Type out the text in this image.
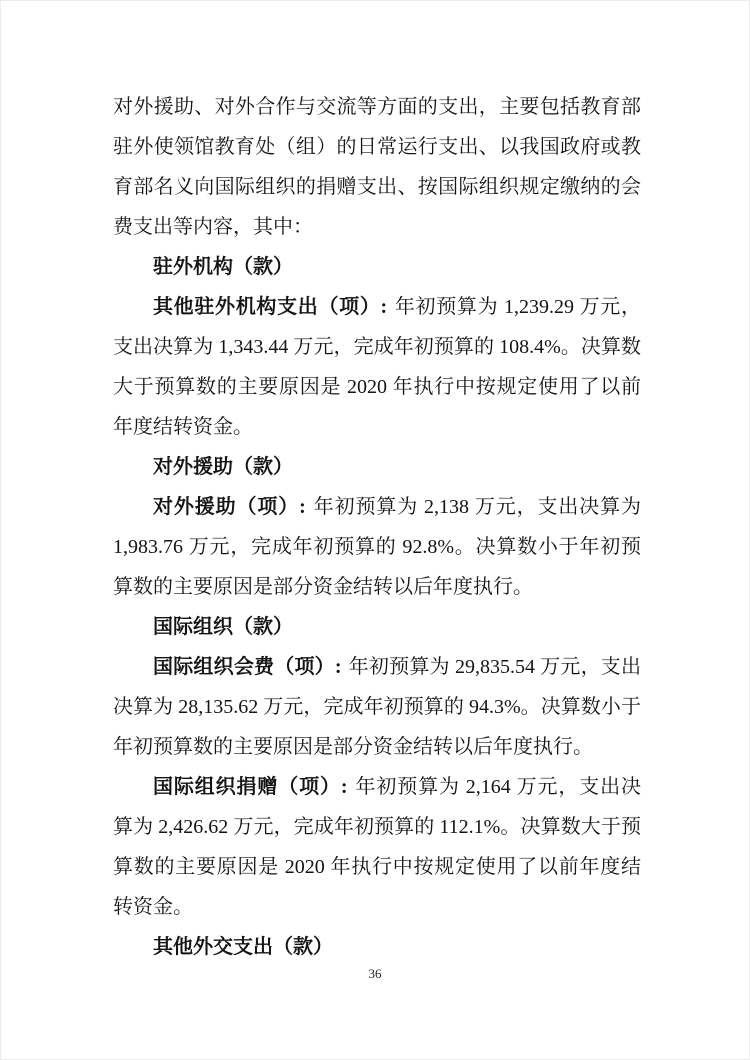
对外援助、对外合作与交流等方面的支出，主要包括教育部驻外使领馆教育处（组）的日常运行支出、以我国政府或教育部名义向国际组织的捐赠支出、按国际组织规定缴纳的会费支出等内容，其中：

驻外机构（款）

其他驻外机构支出（项）: 年初预算为 1,239.29 万元，支出决算为 1,343.44 万元，完成年初预算的 108.4%。决算数大于预算数的主要原因是 2020 年执行中按规定使用了以前年度结转资金。

对外援助（款）

对外援助（项）: 年初预算为 2,138 万元，支出决算为 1,983.76 万元，完成年初预算的 92.8%。决算数小于年初预算数的主要原因是部分资金结转以后年度执行。

国际组织（款）

国际组织会费（项）: 年初预算为 29,835.54 万元，支出决算为 28,135.62 万元，完成年初预算的 94.3%。决算数小于年初预算数的主要原因是部分资金结转以后年度执行。

国际组织捐赠（项）: 年初预算为 2,164 万元，支出决算为 2,426.62 万元，完成年初预算的 112.1%。决算数大于预算数的主要原因是 2020 年执行中按规定使用了以前年度结转资金。

其他外交支出（款）
36
